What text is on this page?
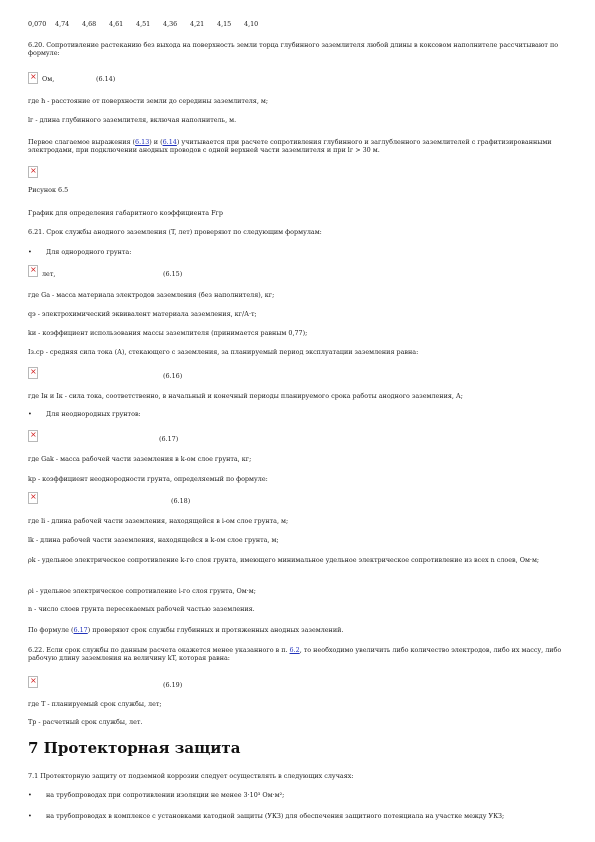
0,070 4,74 4,68 4,61 4,51 4,36 4,21 4,15 4,10
6.20. Сопротивление растеканию без выхода на поверхность земли торца глубинного заземлителя любой длины в коксовом наполнителе рассчитывают по формуле:
×
Ом,	(6.14)
где h - расстояние от поверхности земли до середины заземлителя, м;
lг - длина глубинного заземлителя, включая наполнитель, м.
Первое слагаемое выражения (6.13) и (6.14) учитывается при расчете сопротивления глубинного и заглубленного заземлителей с графитизированными электродами, при подключении анодных проводов с одной верхней части заземлителя и при lг > 30 м.
×
Рисунок 6.5
График для определения габаритного коэффициента Fгр
6.21. Срок службы анодного заземления (T, лет) проверяют по следующим формулам:
• Для однородного грунта:
×
лет,	(6.15)
где Gа - масса материала электродов заземления (без наполнителя), кг;
qэ - электрохимический эквивалент материала заземления, кг/А·т;
kи - коэффициент использования массы заземлителя (принимается равным 0,77);
Iз.ср - средняя сила тока (А), стекающего с заземления, за планируемый период эксплуатации заземления равна:
×
(6.16)
где Iн и Iк - сила тока, соответственно, в начальный и конечный периоды планируемого срока работы анодного заземления, А;
• Для неоднородных грунтов:
×
(6.17)
где Gаk - масса рабочей части заземления в k-ом слое грунта, кг;
kр - коэффициент неоднородности грунта, определяемый по формуле:
×
(6.18)
где li - длина рабочей части заземления, находящейся в i-ом слое грунта, м;
lk - длина рабочей части заземления, находящейся в k-ом слое грунта, м;
ρk - удельное электрическое сопротивление k-го слоя грунта, имеющего минимальное удельное электрическое сопротивление из всех n слоев, Ом·м;
ρi - удельное электрическое сопротивление i-го слоя грунта, Ом·м;
n - число слоев грунта пересекаемых рабочей частью заземления.
По формуле (6.17) проверяют срок службы глубинных и протяженных анодных заземлений.
6.22. Если срок службы по данным расчета окажется менее указанного в п. 6.2, то необходимо увеличить либо количество электродов, либо их массу, либо рабочую длину заземления на величину kT, которая равна:
×
(6.19)
где T - планируемый срок службы, лет;
Tр - расчетный срок службы, лет.
7 Протекторная защита
7.1 Протекторную защиту от подземной коррозии следует осуществлять в следующих случаях:
• на трубопроводах при сопротивлении изоляции не менее 3·10³ Ом·м²;
• на трубопроводах в комплексе с установками катодной защиты (УКЗ) для обеспечения защитного потенциала на участке между УКЗ;
